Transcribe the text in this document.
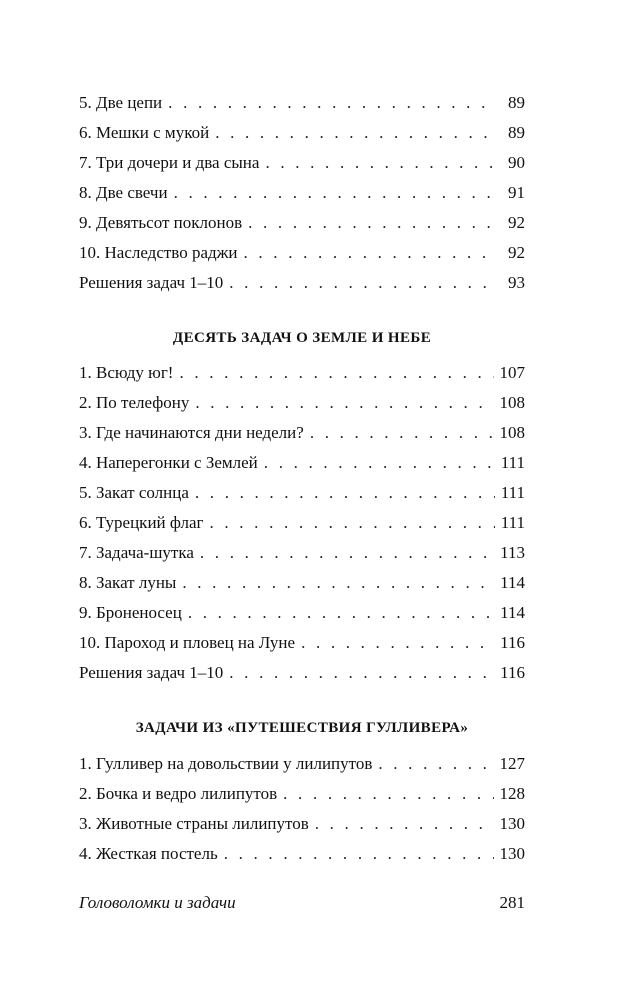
5. Две цепи . . .	89
6. Мешки с мукой . . .	89
7. Три дочери и два сына . . .	90
8. Две свечи . . .	91
9. Девятьсот поклонов . . .	92
10. Наследство раджи . . .	92
Решения задач 1–10 . . .	93
ДЕСЯТЬ ЗАДАЧ О ЗЕМЛЕ И НЕБЕ
1. Всюду юг! . . .	107
2. По телефону . . .	108
3. Где начинаются дни недели? . . .	108
4. Наперегонки с Землей . . .	111
5. Закат солнца . . .	111
6. Турецкий флаг . . .	111
7. Задача-шутка . . .	113
8. Закат луны . . .	114
9. Броненосец . . .	114
10. Пароход и пловец на Луне . . .	116
Решения задач 1–10 . . .	116
ЗАДАЧИ ИЗ «ПУТЕШЕСТВИЯ ГУЛЛИВЕРА»
1. Гулливер на довольствии у лилипутов . . .	127
2. Бочка и ведро лилипутов . . .	128
3. Животные страны лилипутов . . .	130
4. Жесткая постель . . .	130
Головоломки и задачи	281
